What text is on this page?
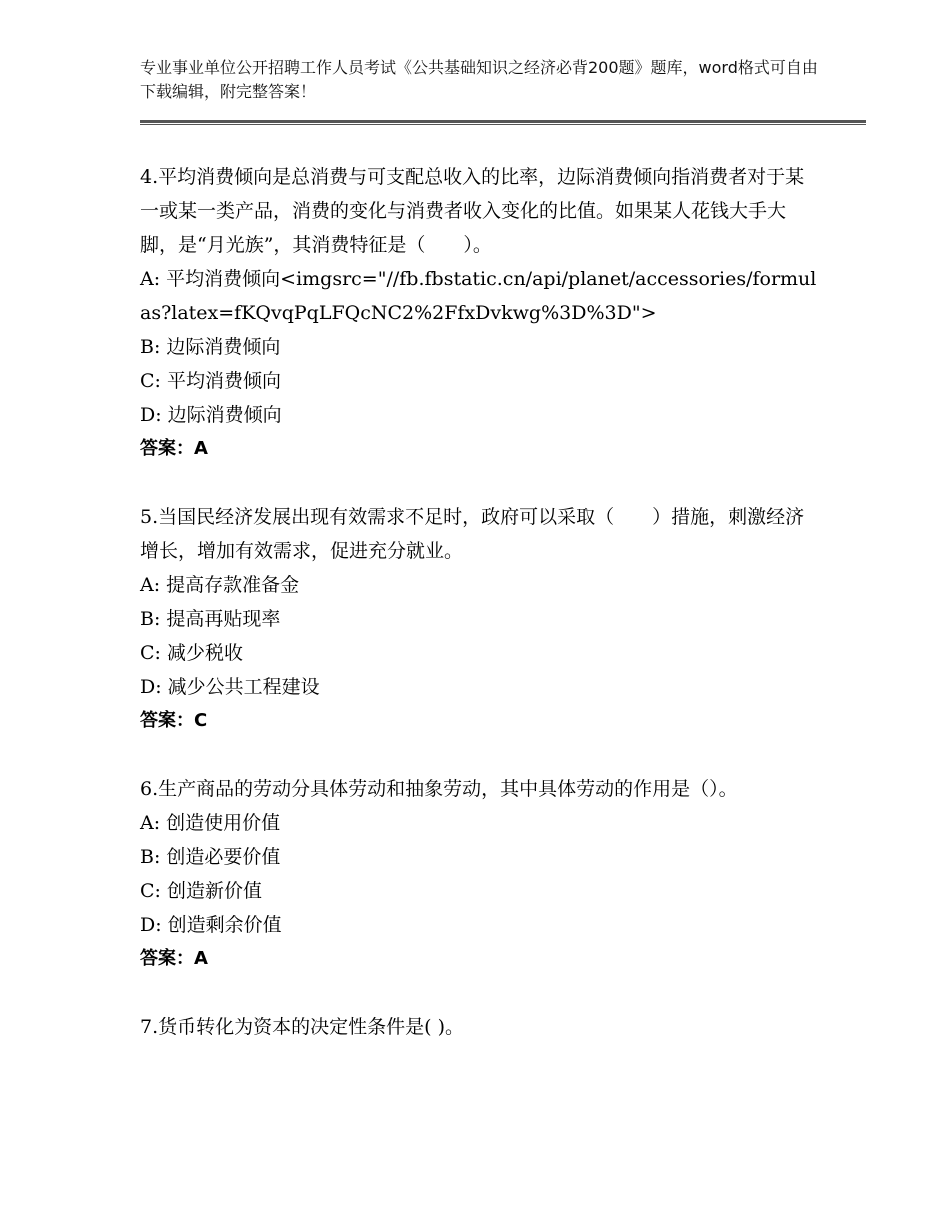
专业事业单位公开招聘工作人员考试《公共基础知识之经济必背200题》题库，word格式可自由下载编辑，附完整答案！

4.平均消费倾向是总消费与可支配总收入的比率，边际消费倾向指消费者对于某一或某一类产品，消费的变化与消费者收入变化的比值。如果某人花钱大手大脚，是“月光族”，其消费特征是（　　）。

A: 平均消费倾向<imgsrc="//fb.fbstatic.cn/api/planet/accessories/formulas?latex=fKQvqPqLFQcNC2%2FfxDvkwg%3D%3D">

B: 边际消费倾向

C: 平均消费倾向

D: 边际消费倾向

答案：A

5.当国民经济发展出现有效需求不足时，政府可以采取（　　）措施，刺激经济增长，增加有效需求，促进充分就业。

A: 提高存款准备金

B: 提高再贴现率

C: 减少税收

D: 减少公共工程建设

答案：C

6.生产商品的劳动分具体劳动和抽象劳动，其中具体劳动的作用是（）。

A: 创造使用价值

B: 创造必要价值

C: 创造新价值

D: 创造剩余价值

答案：A

7.货币转化为资本的决定性条件是( )。
